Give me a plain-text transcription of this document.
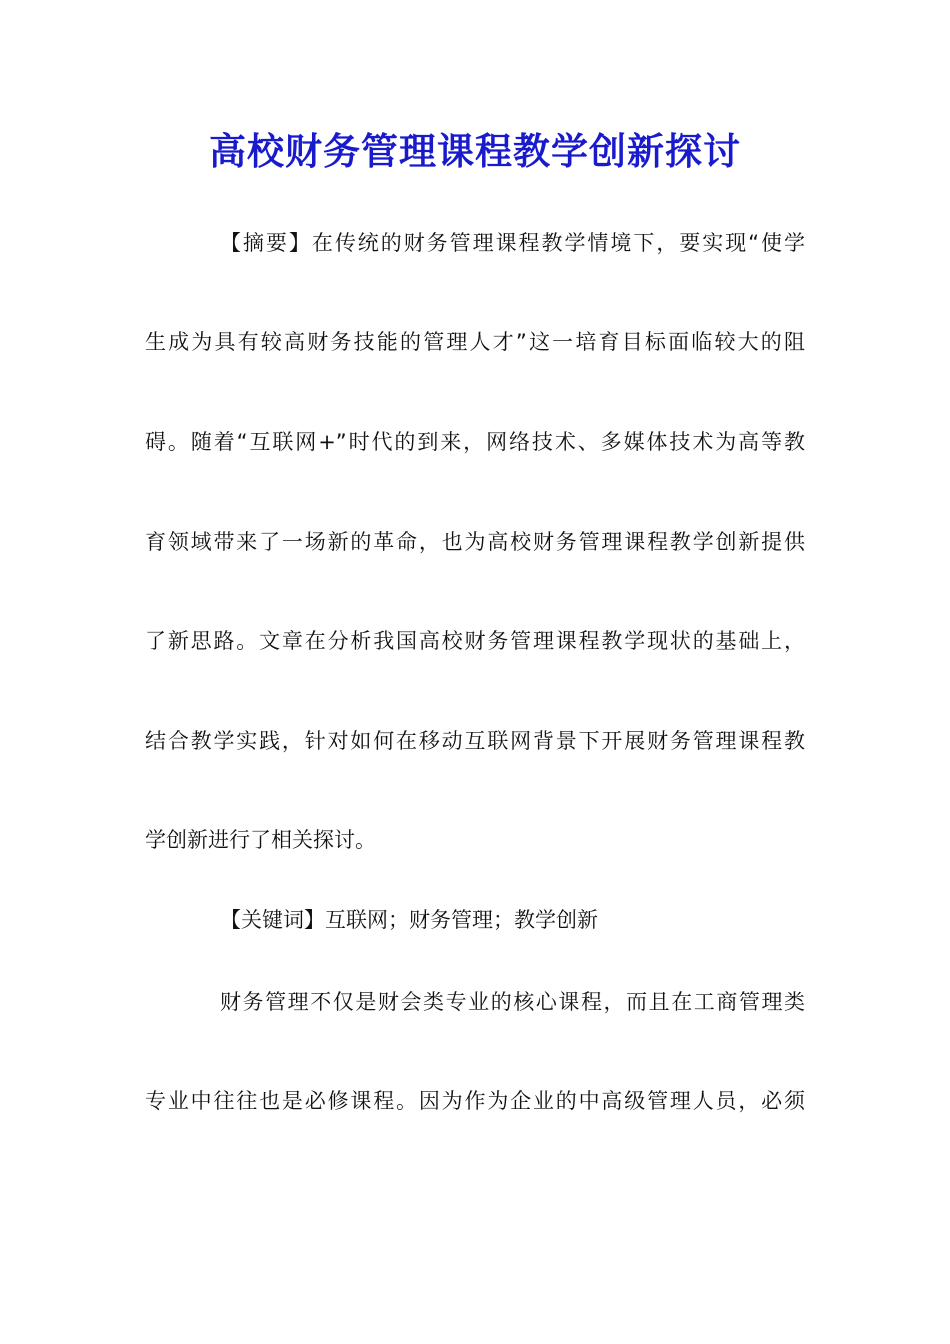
高校财务管理课程教学创新探讨
【摘要】在传统的财务管理课程教学情境下，要实现“使学
生成为具有较高财务技能的管理人才”这一培育目标面临较大的阻
碍。随着“互联网+”时代的到来，网络技术、多媒体技术为高等教
育领域带来了一场新的革命，也为高校财务管理课程教学创新提供
了新思路。文章在分析我国高校财务管理课程教学现状的基础上，
结合教学实践，针对如何在移动互联网背景下开展财务管理课程教
学创新进行了相关探讨。
【关键词】互联网；财务管理；教学创新
财务管理不仅是财会类专业的核心课程，而且在工商管理类
专业中往往也是必修课程。因为作为企业的中高级管理人员，必须
